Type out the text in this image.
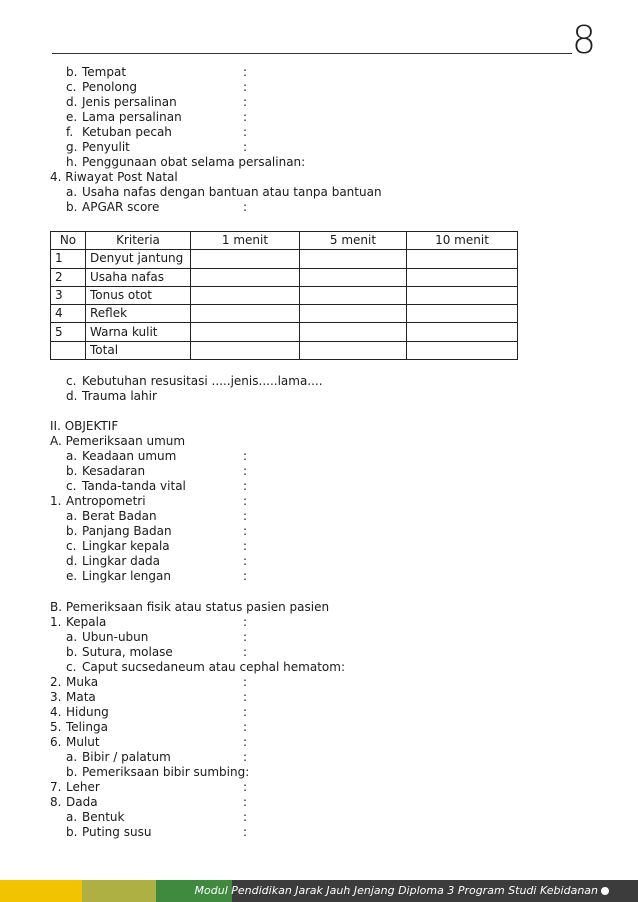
8
b. Tempat	:
c. Penolong	:
d. Jenis persalinan	:
e. Lama persalinan	:
f. Ketuban pecah	:
g. Penyulit	:
h. Penggunaan obat selama persalinan:
4. Riwayat Post Natal
a. Usaha nafas dengan bantuan atau tanpa bantuan
b. APGAR score	:
c. Kebutuhan resusitasi .....jenis.....lama....
d. Trauma lahir
II. OBJEKTIF
A. Pemeriksaan umum
a. Keadaan umum	:
b. Kesadaran	:
c. Tanda-tanda vital	:
1. Antropometri	:
a. Berat Badan	:
b. Panjang Badan	:
c. Lingkar kepala	:
d. Lingkar dada	:
e. Lingkar lengan	:
B. Pemeriksaan fisik atau status pasien pasien
1. Kepala	:
a. Ubun-ubun	:
b. Sutura, molase	:
c. Caput sucsedaneum atau cephal hematom:
2. Muka	:
3. Mata	:
4. Hidung	:
5. Telinga	:
6. Mulut	:
a. Bibir / palatum	:
b. Pemeriksaan bibir sumbing:
7. Leher	:
8. Dada	:
a. Bentuk	:
b. Puting susu	:
No	Kriteria	1 menit	5 menit	10 menit
1	Denyut jantung			
2	Usaha nafas			
3	Tonus otot			
4	Reflek			
5	Warna kulit			
	Total			
Modul Pendidikan Jarak Jauh Jenjang Diploma 3 Program Studi Kebidanan
